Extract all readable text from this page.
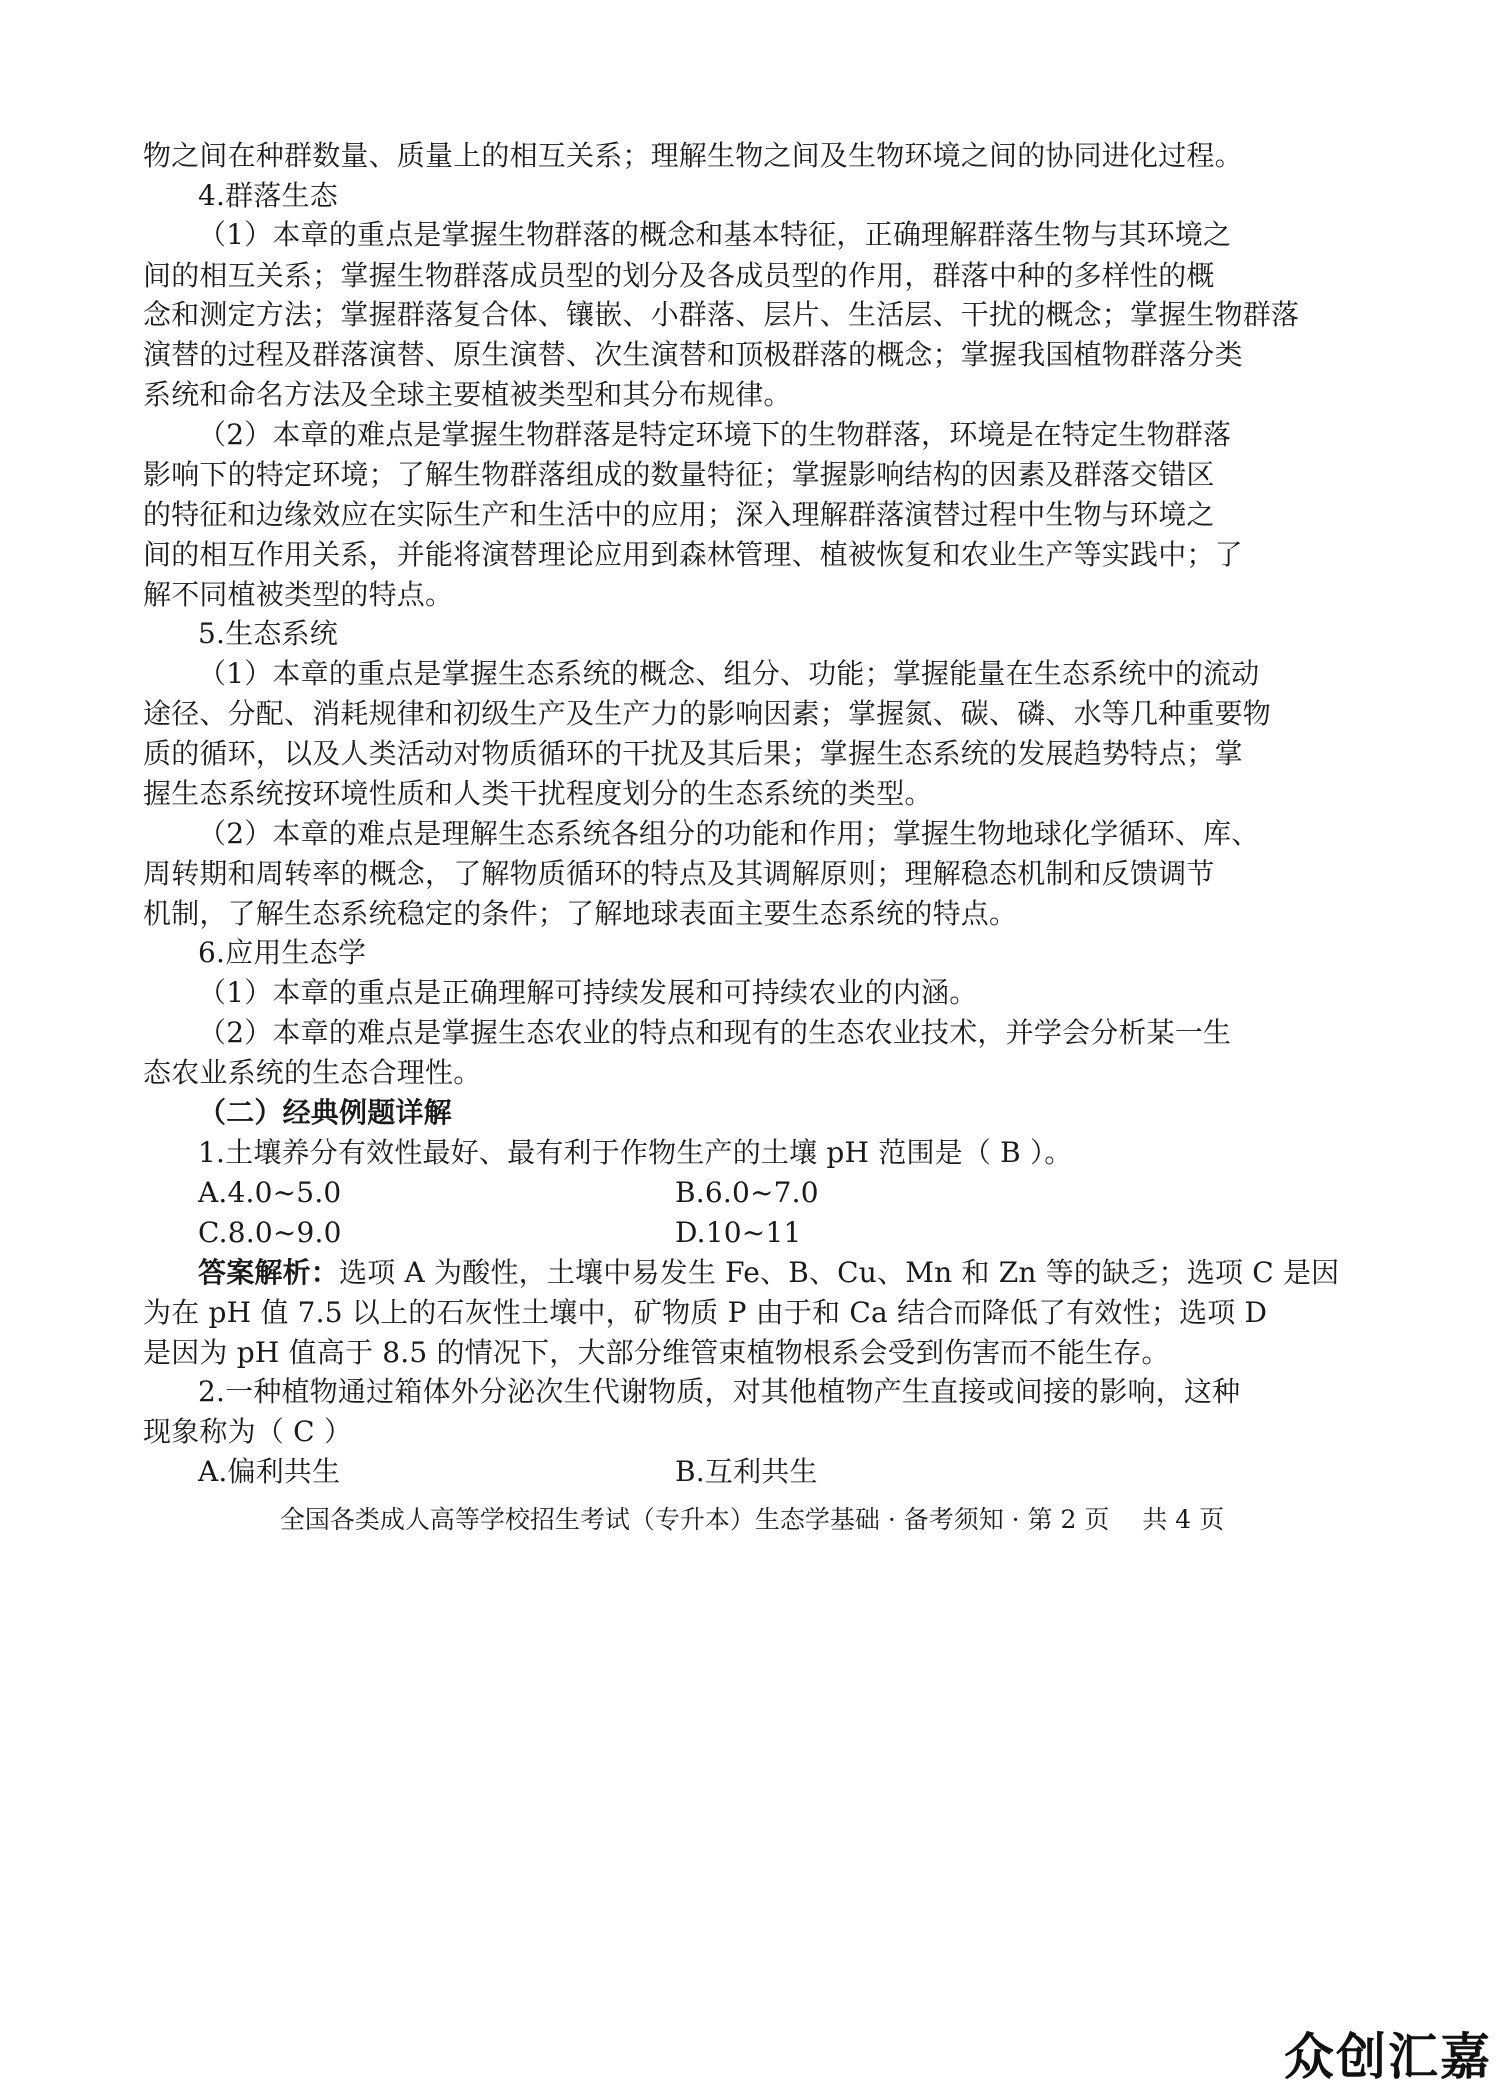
物之间在种群数量、质量上的相互关系；理解生物之间及生物环境之间的协同进化过程。
4.群落生态
（1）本章的重点是掌握生物群落的概念和基本特征，正确理解群落生物与其环境之
间的相互关系；掌握生物群落成员型的划分及各成员型的作用，群落中种的多样性的概
念和测定方法；掌握群落复合体、镶嵌、小群落、层片、生活层、干扰的概念；掌握生物群落
演替的过程及群落演替、原生演替、次生演替和顶极群落的概念；掌握我国植物群落分类
系统和命名方法及全球主要植被类型和其分布规律。
（2）本章的难点是掌握生物群落是特定环境下的生物群落，环境是在特定生物群落
影响下的特定环境；了解生物群落组成的数量特征；掌握影响结构的因素及群落交错区
的特征和边缘效应在实际生产和生活中的应用；深入理解群落演替过程中生物与环境之
间的相互作用关系，并能将演替理论应用到森林管理、植被恢复和农业生产等实践中；了
解不同植被类型的特点。
5.生态系统
（1）本章的重点是掌握生态系统的概念、组分、功能；掌握能量在生态系统中的流动
途径、分配、消耗规律和初级生产及生产力的影响因素；掌握氮、碳、磷、水等几种重要物
质的循环，以及人类活动对物质循环的干扰及其后果；掌握生态系统的发展趋势特点；掌
握生态系统按环境性质和人类干扰程度划分的生态系统的类型。
（2）本章的难点是理解生态系统各组分的功能和作用；掌握生物地球化学循环、库、
周转期和周转率的概念，了解物质循环的特点及其调解原则；理解稳态机制和反馈调节
机制，了解生态系统稳定的条件；了解地球表面主要生态系统的特点。
6.应用生态学
（1）本章的重点是正确理解可持续发展和可持续农业的内涵。
（2）本章的难点是掌握生态农业的特点和现有的生态农业技术，并学会分析某一生
态农业系统的生态合理性。
（二）经典例题详解
1.土壤养分有效性最好、最有利于作物生产的土壤 pH 范围是（ B ）。
A.4.0~5.0	B.6.0~7.0
C.8.0~9.0	D.10~11
答案解析：选项 A 为酸性，土壤中易发生 Fe、B、Cu、Mn 和 Zn 等的缺乏；选项 C 是因
为在 pH 值 7.5 以上的石灰性土壤中，矿物质 P 由于和 Ca 结合而降低了有效性；选项 D
是因为 pH 值高于 8.5 的情况下，大部分维管束植物根系会受到伤害而不能生存。
2.一种植物通过箱体外分泌次生代谢物质，对其他植物产生直接或间接的影响，这种
现象称为（ C ）
A.偏利共生	B.互利共生
全国各类成人高等学校招生考试（专升本）生态学基础 · 备考须知 · 第 2 页　 共 4 页
众创汇嘉
